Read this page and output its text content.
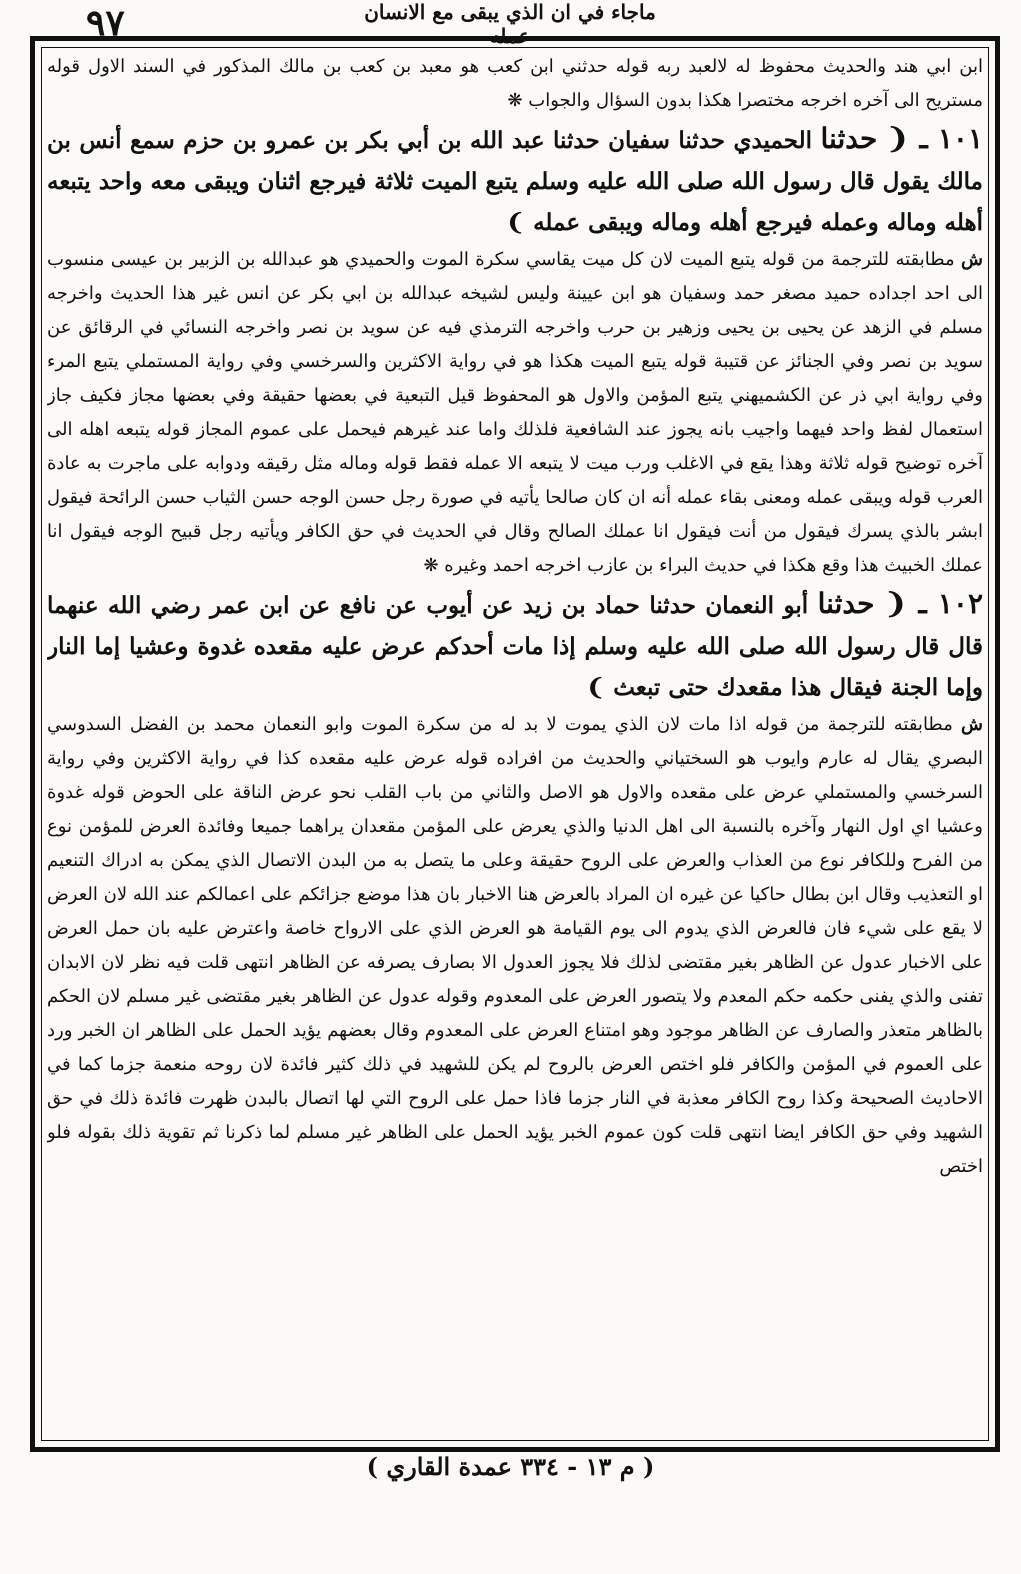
٩٧	ماجاء في ان الذي يبقى مع الانسان عمله

ابن ابي هند والحديث محفوظ له لالعبد ربه قوله حدثني ابن كعب هو معبد بن كعب بن مالك المذكور في السند الاول قوله مستريح الى آخره اخرجه مختصرا هكذا بدون السؤال والجواب ❋

١٠١ ـ ❨ حدثنا الحميدي حدثنا سفيان حدثنا عبد الله بن أبي بكر بن عمرو بن حزم سمع أنس بن مالك يقول قال رسول الله صلى الله عليه وسلم يتبع الميت ثلاثة فيرجع اثنان ويبقى معه واحد يتبعه أهله وماله وعمله فيرجع أهله وماله ويبقى عمله ❩

ش مطابقته للترجمة من قوله يتبع الميت لان كل ميت يقاسي سكرة الموت والحميدي هو عبدالله بن الزبير بن عيسى منسوب الى احد اجداده حميد مصغر حمد وسفيان هو ابن عيينة وليس لشيخه عبدالله بن ابي بكر عن انس غير هذا الحديث واخرجه مسلم في الزهد عن يحيى بن يحيى وزهير بن حرب واخرجه الترمذي فيه عن سويد بن نصر واخرجه النسائي في الرقائق عن سويد بن نصر وفي الجنائز عن قتيبة قوله يتبع الميت هكذا هو في رواية الاكثرين والسرخسي وفي رواية المستملي يتبع المرء وفي رواية ابي ذر عن الكشميهني يتبع المؤمن والاول هو المحفوظ قيل التبعية في بعضها حقيقة وفي بعضها مجاز فكيف جاز استعمال لفظ واحد فيهما واجيب بانه يجوز عند الشافعية فلذلك واما عند غيرهم فيحمل على عموم المجاز قوله يتبعه اهله الى آخره توضيح قوله ثلاثة وهذا يقع في الاغلب ورب ميت لا يتبعه الا عمله فقط قوله وماله مثل رقيقه ودوابه على ماجرت به عادة العرب قوله ويبقى عمله ومعنى بقاء عمله أنه ان كان صالحا يأتيه في صورة رجل حسن الوجه حسن الثياب حسن الرائحة فيقول ابشر بالذي يسرك فيقول من أنت فيقول انا عملك الصالح وقال في الحديث في حق الكافر ويأتيه رجل قبيح الوجه فيقول انا عملك الخبيث هذا وقع هكذا في حديث البراء بن عازب اخرجه احمد وغيره ❋

١٠٢ ـ ❨ حدثنا أبو النعمان حدثنا حماد بن زيد عن أيوب عن نافع عن ابن عمر رضي الله عنهما قال قال رسول الله صلى الله عليه وسلم إذا مات أحدكم عرض عليه مقعده غدوة وعشيا إما النار وإما الجنة فيقال هذا مقعدك حتى تبعث ❩

ش مطابقته للترجمة من قوله اذا مات لان الذي يموت لا بد له من سكرة الموت وابو النعمان محمد بن الفضل السدوسي البصري يقال له عارم وايوب هو السختياني والحديث من افراده قوله عرض عليه مقعده كذا في رواية الاكثرين وفي رواية السرخسي والمستملي عرض على مقعده والاول هو الاصل والثاني من باب القلب نحو عرض الناقة على الحوض قوله غدوة وعشيا اي اول النهار وآخره بالنسبة الى اهل الدنيا والذي يعرض على المؤمن مقعدان يراهما جميعا وفائدة العرض للمؤمن نوع من الفرح وللكافر نوع من العذاب والعرض على الروح حقيقة وعلى ما يتصل به من البدن الاتصال الذي يمكن به ادراك التنعيم او التعذيب وقال ابن بطال حاكيا عن غيره ان المراد بالعرض هنا الاخبار بان هذا موضع جزائكم على اعمالكم عند الله لان العرض لا يقع على شيء فان فالعرض الذي يدوم الى يوم القيامة هو العرض الذي على الارواح خاصة واعترض عليه بان حمل العرض على الاخبار عدول عن الظاهر بغير مقتضى لذلك فلا يجوز العدول الا بصارف يصرفه عن الظاهر انتهى قلت فيه نظر لان الابدان تفنى والذي يفنى حكمه حكم المعدم ولا يتصور العرض على المعدوم وقوله عدول عن الظاهر بغير مقتضى غير مسلم لان الحكم بالظاهر متعذر والصارف عن الظاهر موجود وهو امتناع العرض على المعدوم وقال بعضهم يؤيد الحمل على الظاهر ان الخبر ورد على العموم في المؤمن والكافر فلو اختص العرض بالروح لم يكن للشهيد في ذلك كثير فائدة لان روحه منعمة جزما كما في الاحاديث الصحيحة وكذا روح الكافر معذبة في النار جزما فاذا حمل على الروح التي لها اتصال بالبدن ظهرت فائدة ذلك في حق الشهيد وفي حق الكافر ايضا انتهى قلت كون عموم الخبر يؤيد الحمل على الظاهر غير مسلم لما ذكرنا ثم تقوية ذلك بقوله فلو اختص

( م ١٣ - ٣٣٤ عمدة القاري )
